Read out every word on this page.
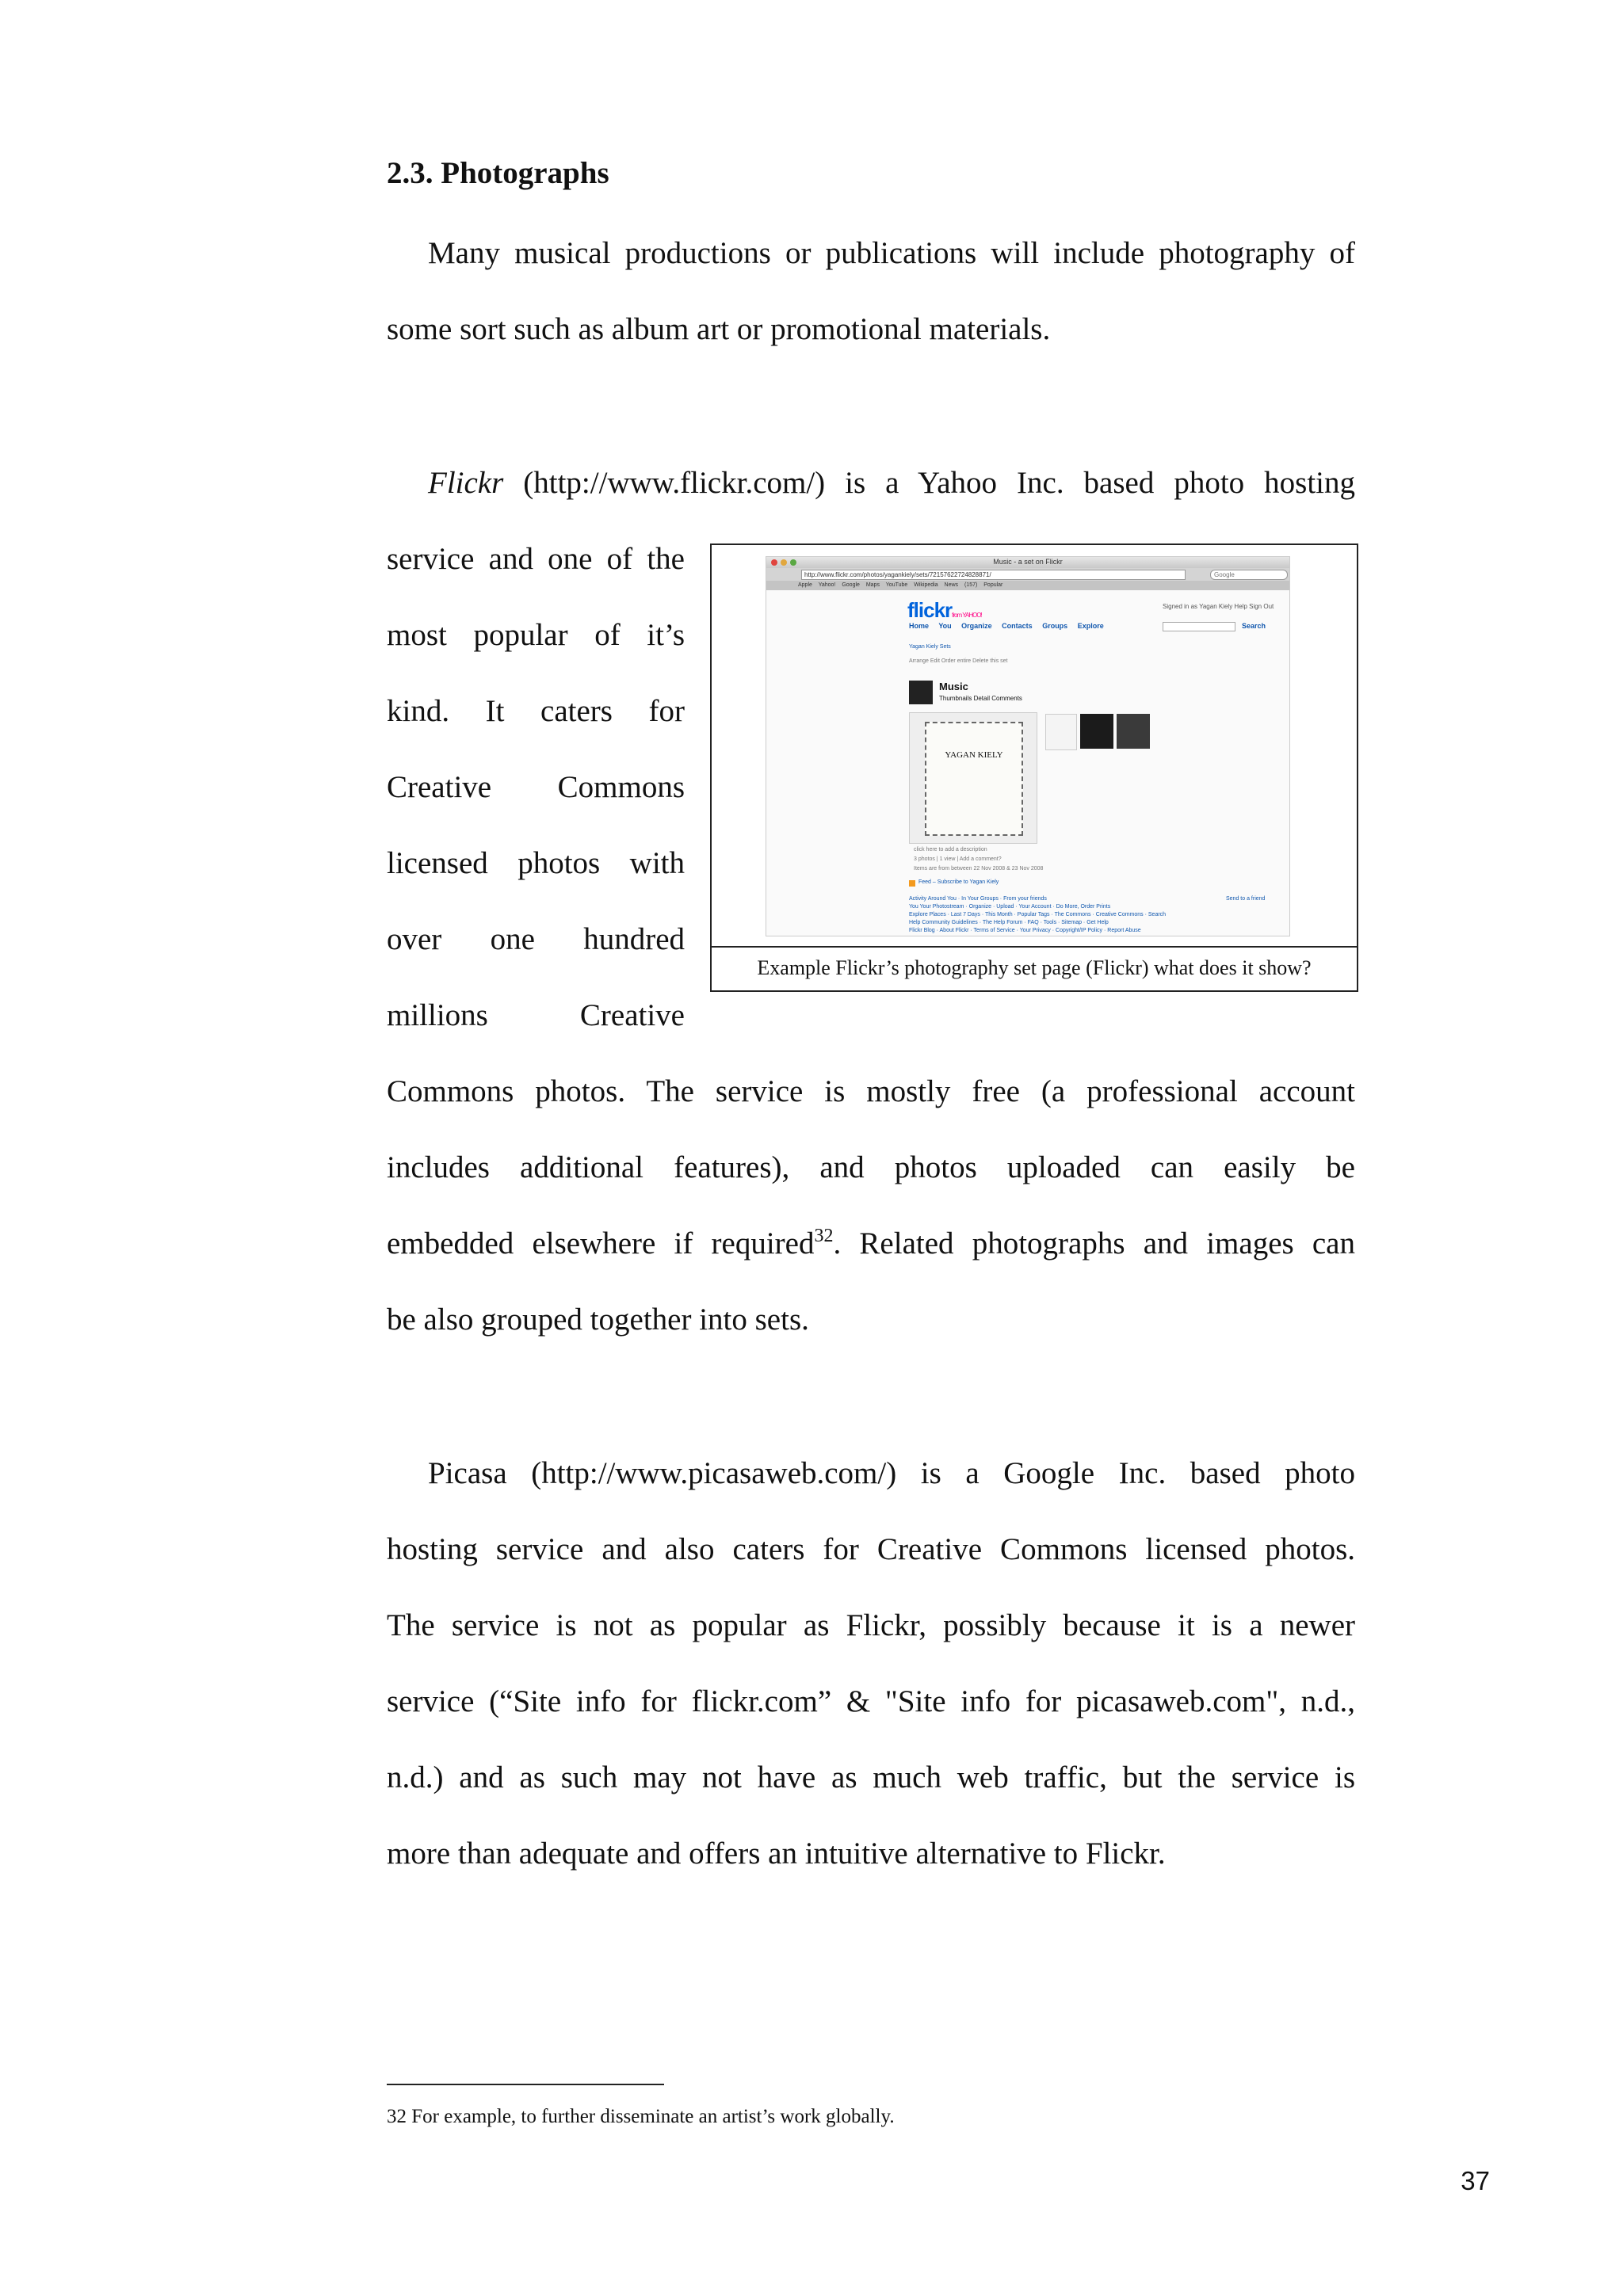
2.3. Photographs
Many musical productions or publications will include photography of
some sort such as album art or promotional materials.
Flickr (http://www.flickr.com/) is a Yahoo Inc. based photo hosting
service and one of the
most popular of it’s
kind. It caters for
Creative Commons
licensed photos with
over one hundred
millions Creative
Commons photos. The service is mostly free (a professional account
includes additional features), and photos uploaded can easily be
embedded elsewhere if required$^{32}$. Related photographs and images can
be also grouped together into sets.
Music - a set on Flickr
http://www.flickr.com/photos/yagankiely/sets/72157622724828871/	Google
Apple Yahoo! Google Maps YouTube Wikipedia News (157) Popular
flickrfrom YAHOO!
Signed in as Yagan Kiely Help Sign Out
Home You Organize Contacts Groups Explore	Search
Yagan Kiely Sets
Arrange Edit Order entire Delete this set
Music
Thumbnails Detail Comments
YAGAN KIELY
click here to add a description
3 photos | 1 view | Add a comment?
Items are from between 22 Nov 2008 & 23 Nov 2008
Feed – Subscribe to Yagan Kiely
Activity Around You · In Your Groups · From your friends
You Your Photostream · Organize · Upload · Your Account · Do More, Order Prints
Explore Places · Last 7 Days · This Month · Popular Tags · The Commons · Creative Commons · Search
Help Community Guidelines · The Help Forum · FAQ · Tools · Sitemap · Get Help
Flickr Blog · About Flickr · Terms of Service · Your Privacy · Copyright/IP Policy · Report Abuse
Send to a friend
Example Flickr’s photography set page (Flickr) what does it show?
Picasa (http://www.picasaweb.com/) is a Google Inc. based photo
hosting service and also caters for Creative Commons licensed photos.
The service is not as popular as Flickr, possibly because it is a newer
service (“Site info for flickr.com” & "Site info for picasaweb.com", n.d.,
n.d.) and as such may not have as much web traffic, but the service is
more than adequate and offers an intuitive alternative to Flickr.
32 For example, to further disseminate an artist’s work globally.
37
